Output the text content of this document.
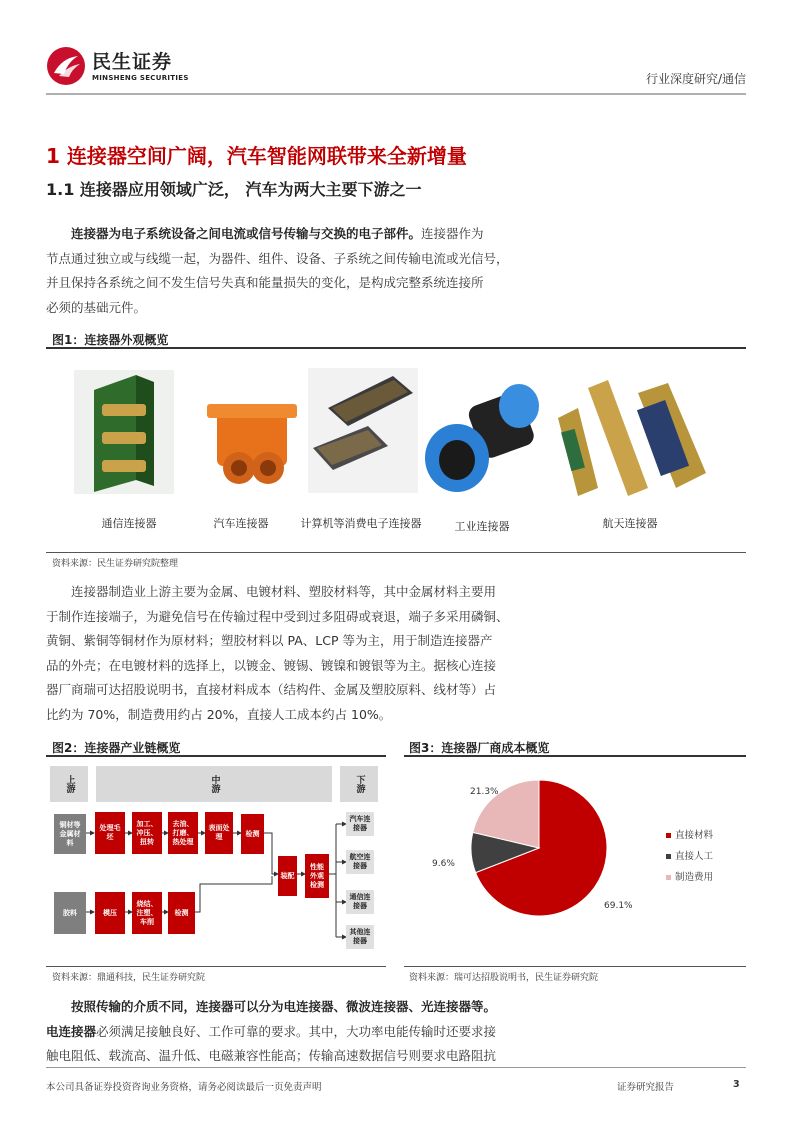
民生证券
MINSHENG SECURITIES	行业深度研究/通信
1 连接器空间广阔，汽车智能网联带来全新增量
1.1 连接器应用领域广泛， 汽车为两大主要下游之一
连接器为电子系统设备之间电流或信号传输与交换的电子部件。连接器作为
节点通过独立或与线缆一起，为器件、组件、设备、子系统之间传输电流或光信号，
并且保持各系统之间不发生信号失真和能量损失的变化，是构成完整系统连接所
必须的基础元件。
图1：连接器外观概览
通信连接器	汽车连接器	计算机等消费电子连接器	工业连接器	航天连接器
资料来源：民生证券研究院整理
连接器制造业上游主要为金属、电镀材料、塑胶材料等，其中金属材料主要用
于制作连接端子，为避免信号在传输过程中受到过多阻碍或衰退，端子多采用磷铜、
黄铜、紫铜等铜材作为原材料；塑胶材料以 PA、LCP 等为主，用于制造连接器产
品的外壳；在电镀材料的选择上，以镀金、镀锡、镀镍和镀银等为主。据核心连接
器厂商瑞可达招股说明书，直接材料成本（结构件、金属及塑胶原料、线材等）占
比约为 70%，制造费用约占 20%，直接人工成本约占 10%。
图2：连接器产业链概览
上游	中游	下游
铜材等金属材料
处理毛坯
加工、冲压、扭转
去油、打磨、热处理
表面处理	检测
胶料	模压
烧结、注塑、车削
检测
装配
性能外观检测
汽车连接器
航空连接器
通信连接器
其他连接器
资料来源：鼎通科技，民生证券研究院
图3：连接器厂商成本概览
69.1%
9.6%
21.3%
直接材料
直接人工
制造费用
资料来源：瑞可达招股说明书，民生证券研究院
按照传输的介质不同，连接器可以分为电连接器、微波连接器、光连接器等。
电连接器必须满足接触良好、工作可靠的要求。其中，大功率电能传输时还要求接
触电阻低、载流高、温升低、电磁兼容性能高；传输高速数据信号则要求电路阻抗
本公司具备证券投资咨询业务资格，请务必阅读最后一页免责声明	证券研究报告	3
